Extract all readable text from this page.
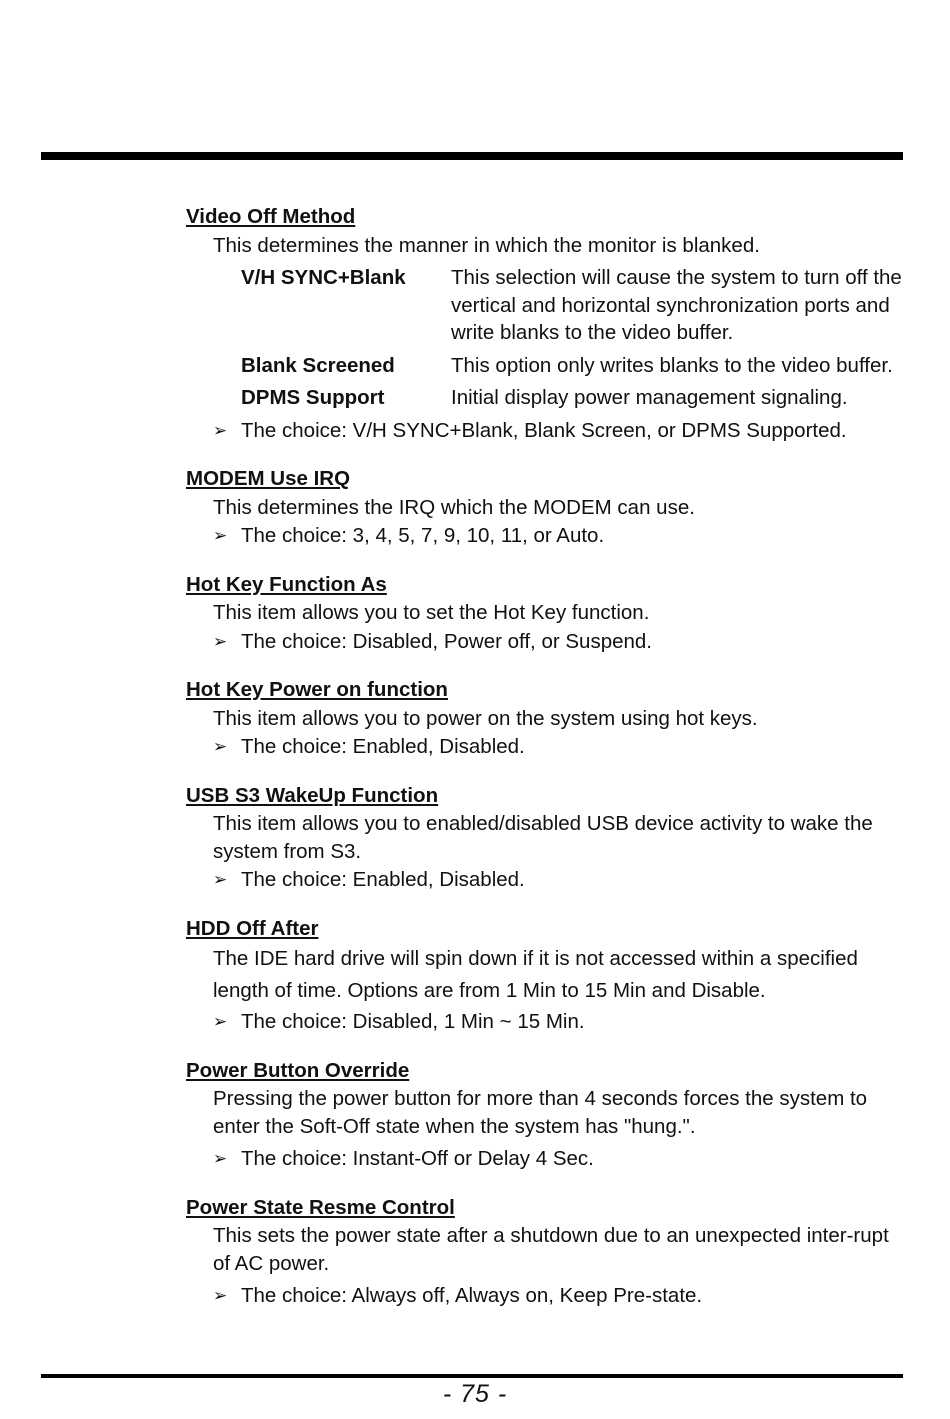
Video Off Method
This determines the manner in which the monitor is blanked.
V/H SYNC+Blank	This selection will cause the system to turn off the vertical and horizontal synchronization ports and write blanks to the video buffer.
Blank Screened	This option only writes blanks to the video buffer.
DPMS Support	Initial display power management signaling.
➢ The choice: V/H SYNC+Blank, Blank Screen, or DPMS Supported.
MODEM Use IRQ
This determines the IRQ which the MODEM can use.
➢ The choice: 3, 4, 5, 7, 9, 10, 11, or Auto.
Hot Key Function As
This item allows you to set the Hot Key function.
➢ The choice: Disabled, Power off, or Suspend.
Hot Key Power on function
This item allows you to power on the system using hot keys.
➢ The choice: Enabled, Disabled.
USB S3 WakeUp Function
This item allows you to enabled/disabled USB device activity to wake the system from S3.
➢ The choice: Enabled, Disabled.
HDD Off After
The IDE hard drive will spin down if it is not accessed within a specified length of time. Options are from 1 Min to 15 Min and Disable.
➢ The choice: Disabled, 1 Min ~ 15 Min.
Power Button Override
Pressing the power button for more than 4 seconds forces the system to enter the Soft-Off state when the system has "hung.".
➢ The choice: Instant-Off or Delay 4 Sec.
Power State Resme Control
This sets the power state after a shutdown due to an unexpected inter-rupt of AC power.
➢ The choice: Always off, Always on, Keep Pre-state.
- 75 -
